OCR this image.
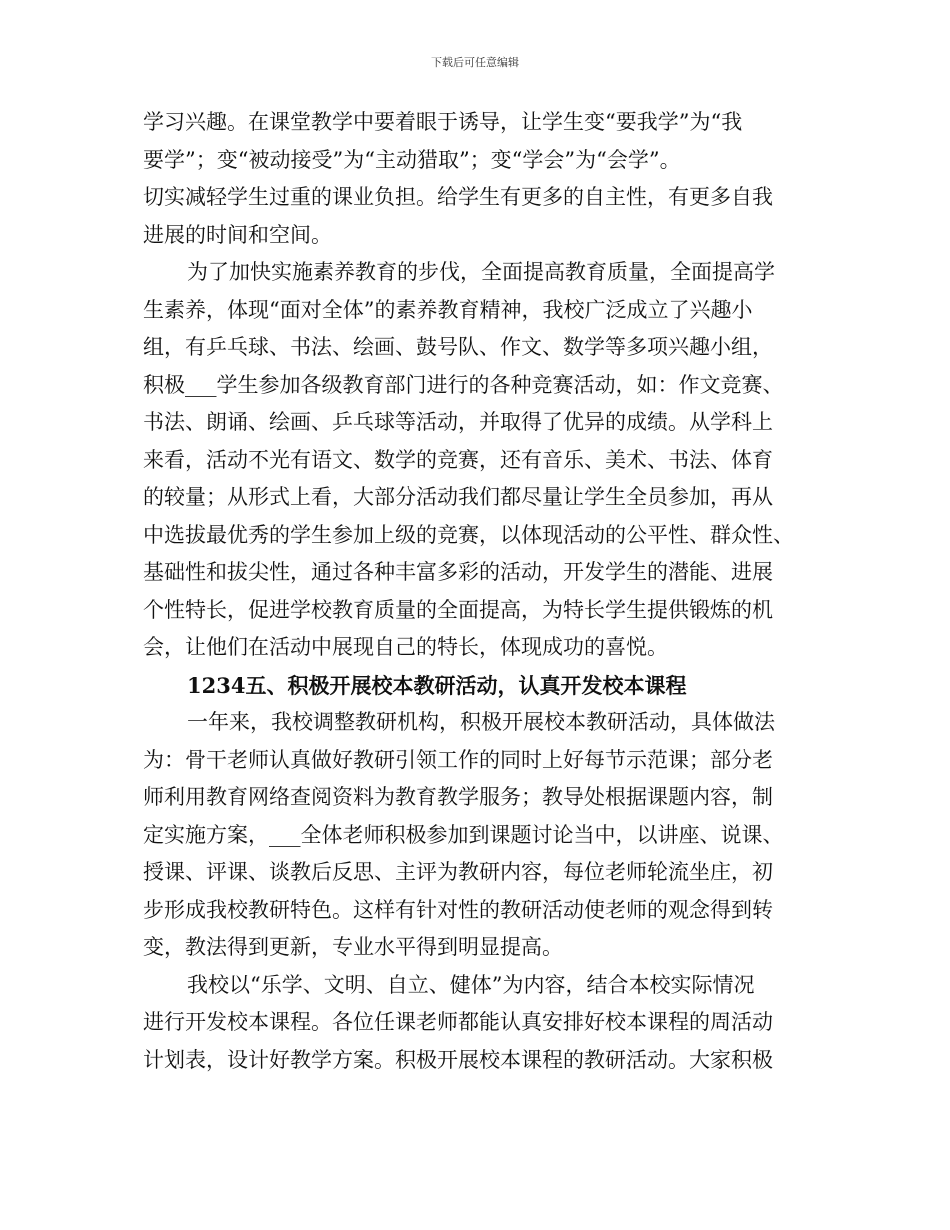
下载后可任意编辑
学习兴趣。在课堂教学中要着眼于诱导，让学生变“要我学”为“我
要学”；变“被动接受”为“主动猎取”；变“学会”为“会学”。
切实减轻学生过重的课业负担。给学生有更多的自主性，有更多自我
进展的时间和空间。
为了加快实施素养教育的步伐，全面提高教育质量，全面提高学
生素养，体现“面对全体”的素养教育精神，我校广泛成立了兴趣小
组，有乒乓球、书法、绘画、鼓号队、作文、数学等多项兴趣小组，
积极___学生参加各级教育部门进行的各种竞赛活动，如：作文竞赛、
书法、朗诵、绘画、乒乓球等活动，并取得了优异的成绩。从学科上
来看，活动不光有语文、数学的竞赛，还有音乐、美术、书法、体育
的较量；从形式上看，大部分活动我们都尽量让学生全员参加，再从
中选拔最优秀的学生参加上级的竞赛，以体现活动的公平性、群众性、
基础性和拔尖性，通过各种丰富多彩的活动，开发学生的潜能、进展
个性特长，促进学校教育质量的全面提高，为特长学生提供锻炼的机
会，让他们在活动中展现自己的特长，体现成功的喜悦。
1234五、积极开展校本教研活动，认真开发校本课程
一年来，我校调整教研机构，积极开展校本教研活动，具体做法
为：骨干老师认真做好教研引领工作的同时上好每节示范课；部分老
师利用教育网络查阅资料为教育教学服务；教导处根据课题内容，制
定实施方案，___全体老师积极参加到课题讨论当中，以讲座、说课、
授课、评课、谈教后反思、主评为教研内容，每位老师轮流坐庄，初
步形成我校教研特色。这样有针对性的教研活动使老师的观念得到转
变，教法得到更新，专业水平得到明显提高。
我校以“乐学、文明、自立、健体”为内容，结合本校实际情况
进行开发校本课程。各位任课老师都能认真安排好校本课程的周活动
计划表，设计好教学方案。积极开展校本课程的教研活动。大家积极
